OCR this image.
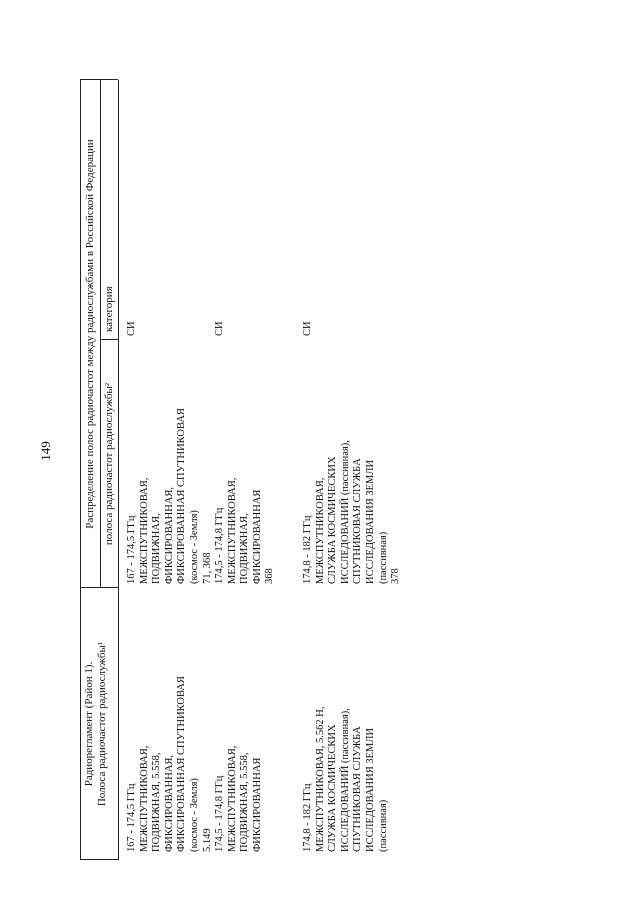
149
Радиорегламент (Район 1). Полоса радиочастот радиослужбы¹
Распределение полос радиочастот между радиослужбами в Российской Федерации полоса радиочастот радиослужбы²
категория
167 - 174,5 ГГц
МЕЖСПУТНИКОВАЯ,
ПОДВИЖНАЯ, 5.558,
ФИКСИРОВАННАЯ,
ФИКСИРОВАННАЯ СПУТНИКОВАЯ
(космос - Земля)
5.149
167 - 174,5 ГГц
МЕЖСПУТНИКОВАЯ,
ПОДВИЖНАЯ,
ФИКСИРОВАННАЯ,
ФИКСИРОВАННАЯ СПУТНИКОВАЯ
(космос - Земля)
71, 368
СИ
174,5 - 174,8 ГГц
МЕЖСПУТНИКОВАЯ,
ПОДВИЖНАЯ, 5.558,
ФИКСИРОВАННАЯ
174,5 - 174,8 ГГц
МЕЖСПУТНИКОВАЯ,
ПОДВИЖНАЯ,
ФИКСИРОВАННАЯ
368
СИ
174,8 - 182 ГГц
МЕЖСПУТНИКОВАЯ, 5.562 Н,
СЛУЖБА КОСМИЧЕСКИХ
ИССЛЕДОВАНИЙ (пассивная),
СПУТНИКОВАЯ СЛУЖБА
ИССЛЕДОВАНИЯ ЗЕМЛИ
(пассивная)
174,8 - 182 ГГц
МЕЖСПУТНИКОВАЯ,
СЛУЖБА КОСМИЧЕСКИХ
ИССЛЕДОВАНИЙ (пассивная),
СПУТНИКОВАЯ СЛУЖБА
ИССЛЕДОВАНИЯ ЗЕМЛИ
(пассивная)
378
СИ
